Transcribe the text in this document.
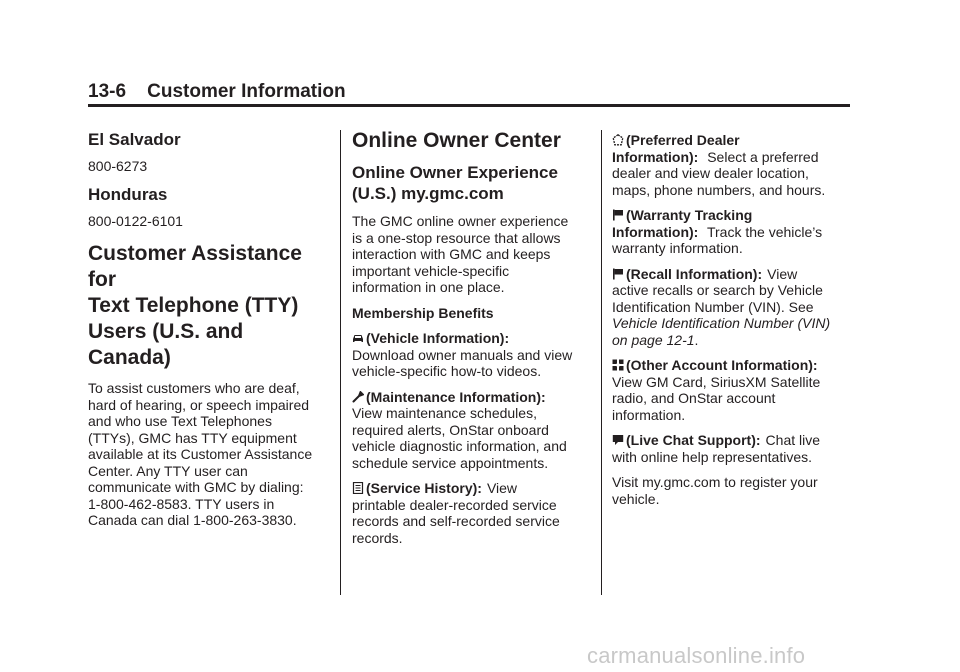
13-6    Customer Information
El Salvador
800-6273
Honduras
800-0122-6101
Customer Assistance for
Text Telephone (TTY)
Users (U.S. and Canada)
To assist customers who are deaf,
hard of hearing, or speech impaired
and who use Text Telephones
(TTYs), GMC has TTY equipment
available at its Customer Assistance
Center. Any TTY user can
communicate with GMC by dialing:
1-800-462-8583. TTY users in
Canada can dial 1-800-263-3830.
Online Owner Center
Online Owner Experience
(U.S.) my.gmc.com
The GMC online owner experience
is a one-stop resource that allows
interaction with GMC and keeps
important vehicle-specific
information in one place.
Membership Benefits
(Vehicle Information):
Download owner manuals and view
vehicle-specific how-to videos.
(Maintenance Information):
View maintenance schedules,
required alerts, OnStar onboard
vehicle diagnostic information, and
schedule service appointments.
(Service History): View
printable dealer-recorded service
records and self-recorded service
records.
(Preferred Dealer
Information): Select a preferred
dealer and view dealer location,
maps, phone numbers, and hours.
(Warranty Tracking
Information): Track the vehicle’s
warranty information.
(Recall Information): View
active recalls or search by Vehicle
Identification Number (VIN). See
Vehicle Identification Number (VIN)
on page 12-1.
(Other Account Information):
View GM Card, SiriusXM Satellite
radio, and OnStar account
information.
(Live Chat Support): Chat live
with online help representatives.
Visit my.gmc.com to register your
vehicle.
carmanualsonline.info
